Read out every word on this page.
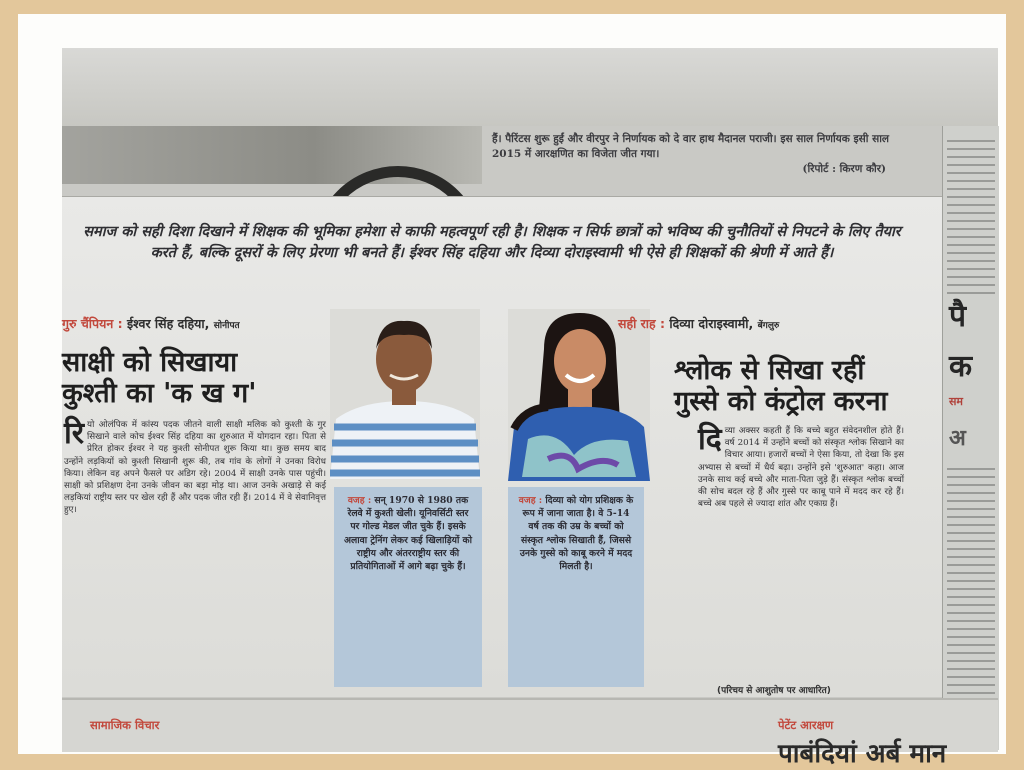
हैं। पैरिंटस शुरू हुईं और वीरपुर ने निर्णायक को दे वार हाथ मैदानल पराजी। इस साल निर्णायक इसी साल 2015 में आरक्षणित का विजेता जीत गया।
(रिपोर्ट : किरण कौर)
पै
क
सम
अ
समाज को सही दिशा दिखाने में शिक्षक की भूमिका हमेशा से काफी महत्वपूर्ण रही है। शिक्षक न सिर्फ छात्रों को भविष्य की चुनौतियों से निपटने के लिए तैयार करते हैं, बल्कि दूसरों के लिए प्रेरणा भी बनते हैं। ईश्वर सिंह दहिया और दिव्या दोराइस्वामी भी ऐसे ही शिक्षकों की श्रेणी में आते हैं।
गुरु चैंपियन : ईश्वर सिंह दहिया, सोनीपत
साक्षी को सिखाया
कुश्ती का 'क ख ग'
रियो ओलंपिक में कांस्य पदक जीतने वाली साक्षी मलिक को कुश्ती के गुर सिखाने वाले कोच ईश्वर सिंह दहिया का शुरुआत में योगदान रहा। पिता से प्रेरित होकर ईश्वर ने यह कुश्ती सोनीपत शुरू किया था। कुछ समय बाद उन्होंने लड़कियों को कुश्ती सिखानी शुरू की, तब गांव के लोगों ने उनका विरोध किया। लेकिन वह अपने फैसले पर अडिग रहे। 2004 में साक्षी उनके पास पहुंची। साक्षी को प्रशिक्षण देना उनके जीवन का बड़ा मोड़ था। आज उनके अखाड़े से कई लड़कियां राष्ट्रीय स्तर पर खेल रही हैं और पदक जीत रही हैं। 2014 में वे सेवानिवृत्त हुए।
वजह : सन् 1970 से 1980 तक रेलवे में कुश्ती खेली। यूनिवर्सिटी स्तर पर गोल्ड मेडल जीत चुके हैं। इसके अलावा ट्रेनिंग लेकर कई खिलाड़ियों को राष्ट्रीय और अंतरराष्ट्रीय स्तर की प्रतियोगिताओं में आगे बढ़ा चुके हैं।
वजह : दिव्या को योग प्रशिक्षक के रूप में जाना जाता है। वे 5-14 वर्ष तक की उम्र के बच्चों को संस्कृत श्लोक सिखाती हैं, जिससे उनके गुस्से को काबू करने में मदद मिलती है।
सही राह : दिव्या दोराइस्वामी, बेंगलुरु
श्लोक से सिखा रहीं
गुस्से को कंट्रोल करना
दिव्या अक्सर कहती हैं कि बच्चे बहुत संवेदनशील होते हैं। वर्ष 2014 में उन्होंने बच्चों को संस्कृत श्लोक सिखाने का विचार आया। हजारों बच्चों ने ऐसा किया, तो देखा कि इस अभ्यास से बच्चों में धैर्य बढ़ा। उन्होंने इसे 'शुरुआत' कहा। आज उनके साथ कई बच्चे और माता-पिता जुड़े हैं। संस्कृत श्लोक बच्चों की सोच बदल रहे हैं और गुस्से पर काबू पाने में मदद कर रहे हैं। बच्चे अब पहले से ज्यादा शांत और एकाग्र हैं।
(परिचय से आशुतोष पर आधारित)
सामाजिक विचार	पेटेंट आरक्षण
पाबंदियां अर्ब मान
